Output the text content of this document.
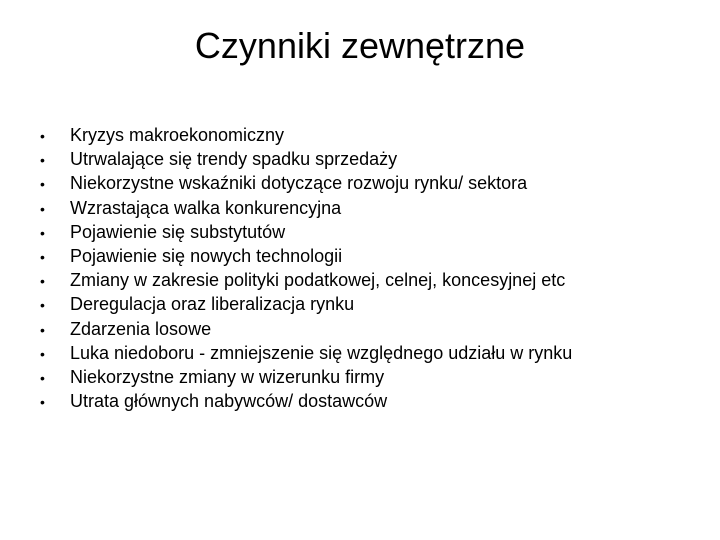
Czynniki zewnętrzne
•	Kryzys makroekonomiczny
•	Utrwalające się trendy spadku sprzedaży
•	Niekorzystne wskaźniki dotyczące rozwoju rynku/ sektora
•	Wzrastająca walka konkurencyjna
•	Pojawienie się substytutów
•	Pojawienie się nowych technologii
•	Zmiany w zakresie polityki podatkowej, celnej, koncesyjnej etc
•	Deregulacja oraz liberalizacja rynku
•	Zdarzenia losowe
•	Luka niedoboru - zmniejszenie się względnego udziału w rynku
•	Niekorzystne zmiany w wizerunku firmy
•	Utrata głównych nabywców/ dostawców
